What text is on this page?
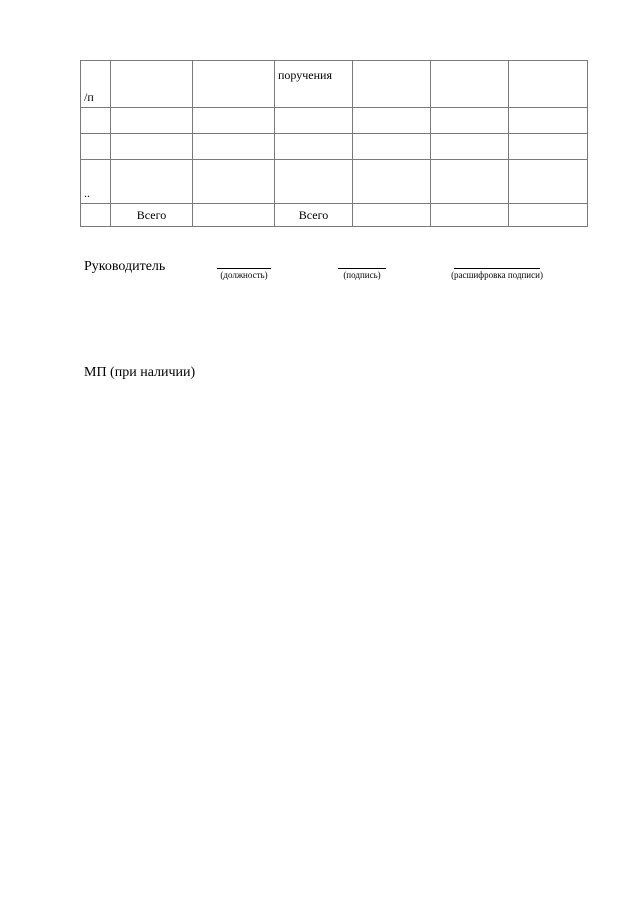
/п			поручения			

..						
	Всего		Всего			
Руководитель
(должность)	(подпись)	(расшифровка подписи)
МП (при наличии)
